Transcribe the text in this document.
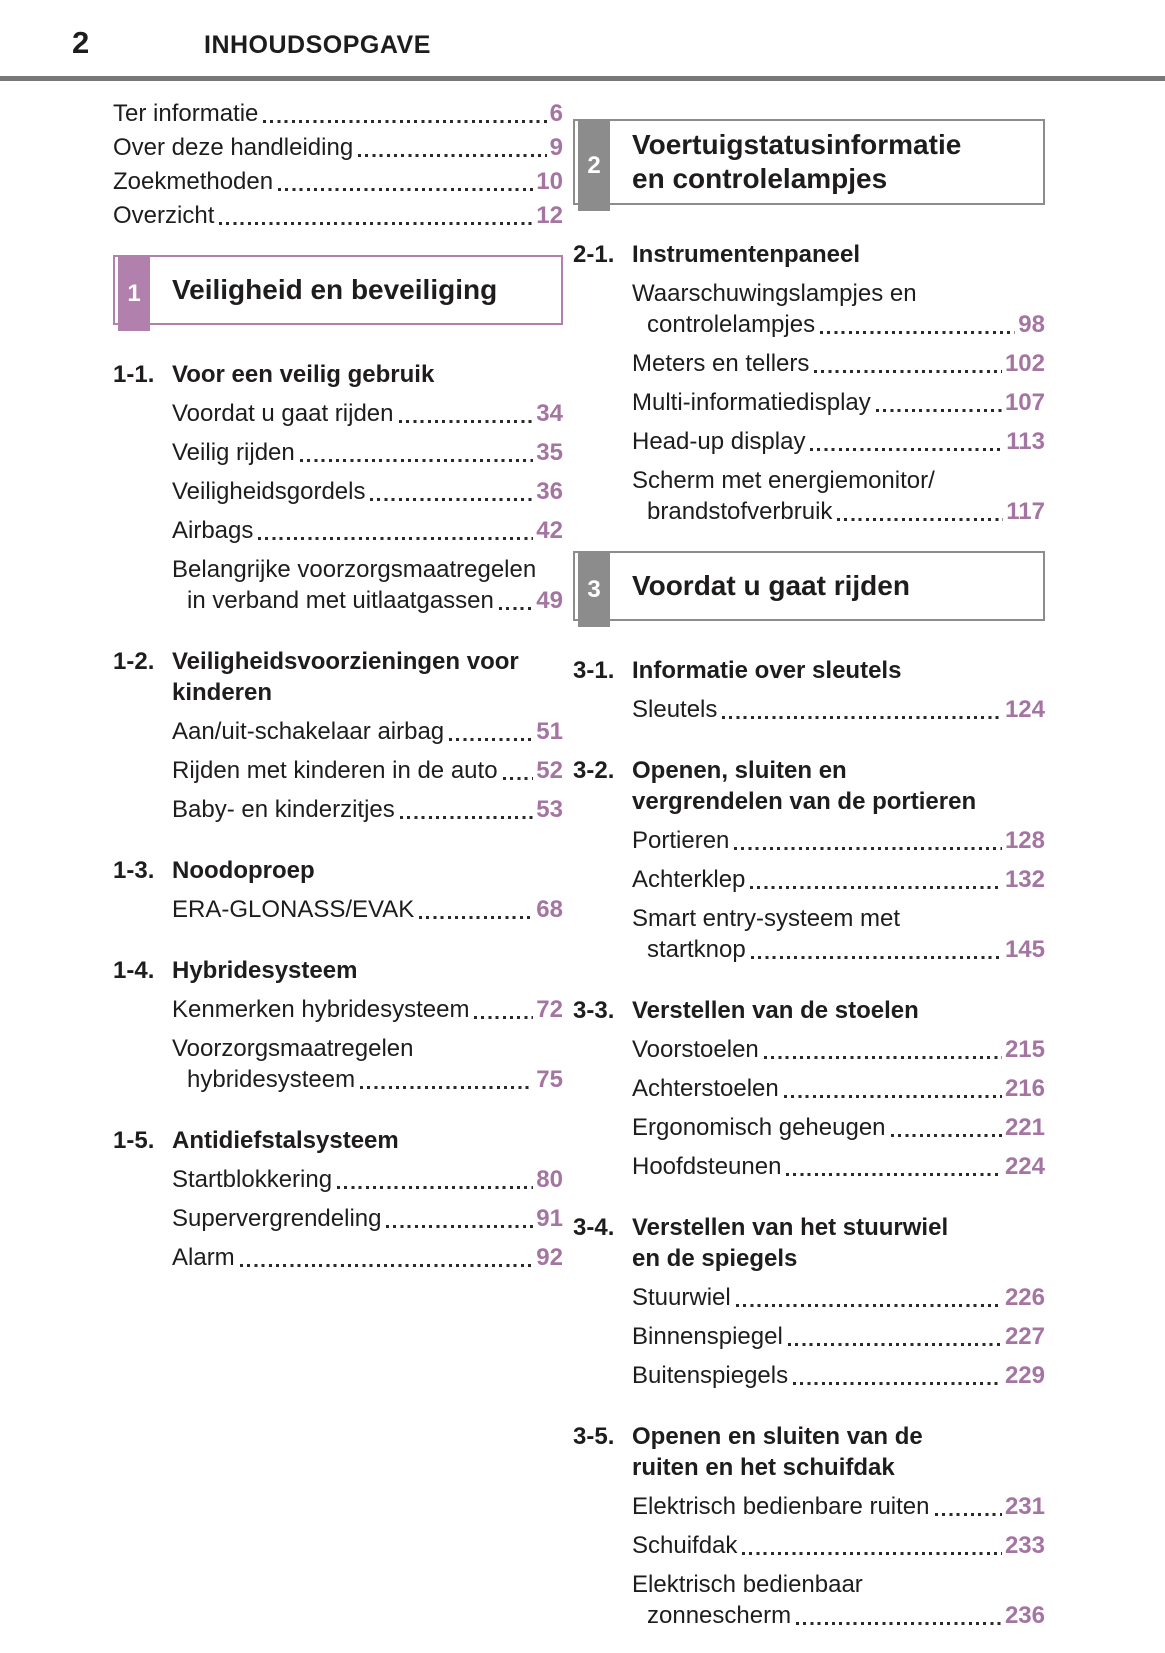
2	INHOUDSOPGAVE
Ter informatie	6
Over deze handleiding	9
Zoekmethoden	10
Overzicht	12
1 Veiligheid en beveiliging
1-1. Voor een veilig gebruik
Voordat u gaat rijden	34
Veilig rijden	35
Veiligheidsgordels	36
Airbags	42
Belangrijke voorzorgsmaatregelen
in verband met uitlaatgassen 49
1-2. Veiligheidsvoorzieningen voor
kinderen
Aan/uit-schakelaar airbag	51
Rijden met kinderen in de auto 52
Baby- en kinderzitjes	53
1-3. Noodoproep
ERA-GLONASS/EVAK	68
1-4. Hybridesysteem
Kenmerken hybridesysteem	72
Voorzorgsmaatregelen
hybridesysteem	75
1-5. Antidiefstalsysteem
Startblokkering	80
Supervergrendeling	91
Alarm	92
2
Voertuigstatusinformatie
en controlelampjes
2-1. Instrumentenpaneel
Waarschuwingslampjes en
controlelampjes	98
Meters en tellers	102
Multi-informatiedisplay	107
Head-up display	113
Scherm met energiemonitor/
brandstofverbruik	117
3 Voordat u gaat rijden
3-1. Informatie over sleutels
Sleutels	124
3-2. Openen, sluiten en
vergrendelen van de portieren
Portieren	128
Achterklep	132
Smart entry-systeem met
startknop	145
3-3. Verstellen van de stoelen
Voorstoelen	215
Achterstoelen	216
Ergonomisch geheugen	221
Hoofdsteunen	224
3-4. Verstellen van het stuurwiel
en de spiegels
Stuurwiel	226
Binnenspiegel	227
Buitenspiegels	229
3-5. Openen en sluiten van de
ruiten en het schuifdak
Elektrisch bedienbare ruiten	231
Schuifdak	233
Elektrisch bedienbaar
zonnescherm	236
